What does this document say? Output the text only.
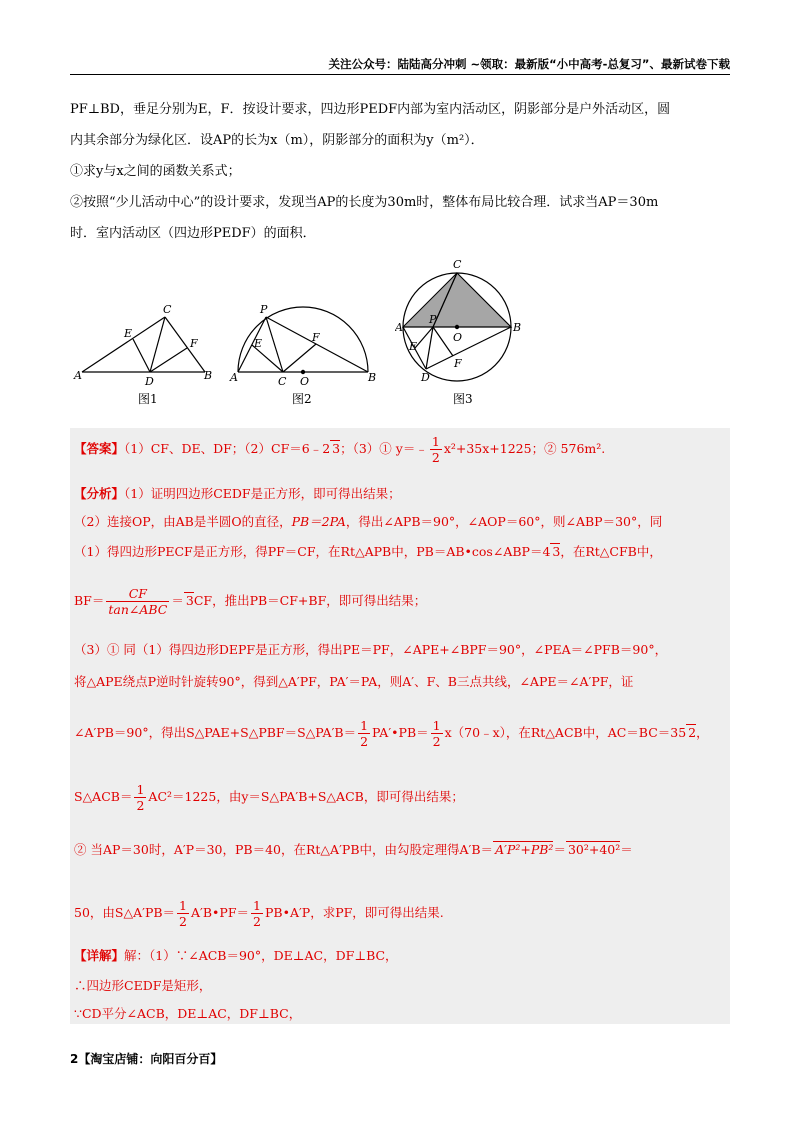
关注公众号：陆陆高分冲刺 ~领取：最新版“小中高考-总复习”、最新试卷下载

PF⊥BD，垂足分别为E，F．按设计要求，四边形PEDF内部为室内活动区，阴影部分是户外活动区，圆

内其余部分为绿化区．设AP的长为x（m），阴影部分的面积为y（m²）．

①求y与x之间的函数关系式；

②按照“少儿活动中心”的设计要求，发现当AP的长度为30m时，整体布局比较合理．试求当AP＝30m

时．室内活动区（四边形PEDF）的面积．

A	B
C
D
E
F
图1
A	B
C O
P
E	F
图2
A	B
C
D
P
O
E
F
图3
【答案】（1）CF、DE、DF；（2）CF＝6﹣2 3；（3）① y＝﹣ $\frac{1}{2} x^2+35x+1225$；② 576m².
【分析】（1）证明四边形CEDF是正方形，即可得出结果；
（2）连接OP，由AB是半圆O的直径，PB＝2PA，得出∠APB＝90°，∠AOP＝60°，则∠ABP＝30°，同
（1）得四边形PECF是正方形，得PF＝CF，在Rt△APB中，PB＝AB•cos∠ABP＝4 3，在Rt△CFB中，
$BF= \frac{CF}{\text{tan∠ABC}} = 3CF$，推出PB＝CF+BF，即可得出结果；
（3）① 同（1）得四边形DEPF是正方形，得出PE＝PF，∠APE+∠BPF＝90°，∠PEA＝∠PFB＝90°，
将△APE绕点P逆时针旋转90°，得到△A′PF，PA′＝PA，则A′、F、B三点共线，∠APE＝∠A′PF，证
∠A′PB＝90°，得出S△PAE+S△PBF＝S△PA′B＝ $\frac{1}{2}$ PA′•PB＝ $\frac{1}{2}$ x（70﹣x），在Rt△ACB中，AC＝BC＝35 2，
S△ACB＝ $\frac{1}{2} AC^2=1225$，由y＝S△PA′B+S△ACB，即可得出结果；
② 当AP＝30时，A′P＝30，PB＝40，在Rt△A′PB中，由勾股定理得A′B＝ A′P²+PB²＝ 30²+40²＝
50，由S△A′PB＝ $\frac{1}{2}$ A′B•PF＝ $\frac{1}{2}$ PB•A′P，求PF，即可得出结果.
【详解】解：（1）∵∠ACB＝90°，DE⊥AC，DF⊥BC，
∴四边形CEDF是矩形，
∵CD平分∠ACB，DE⊥AC，DF⊥BC，
2【淘宝店铺：向阳百分百】
